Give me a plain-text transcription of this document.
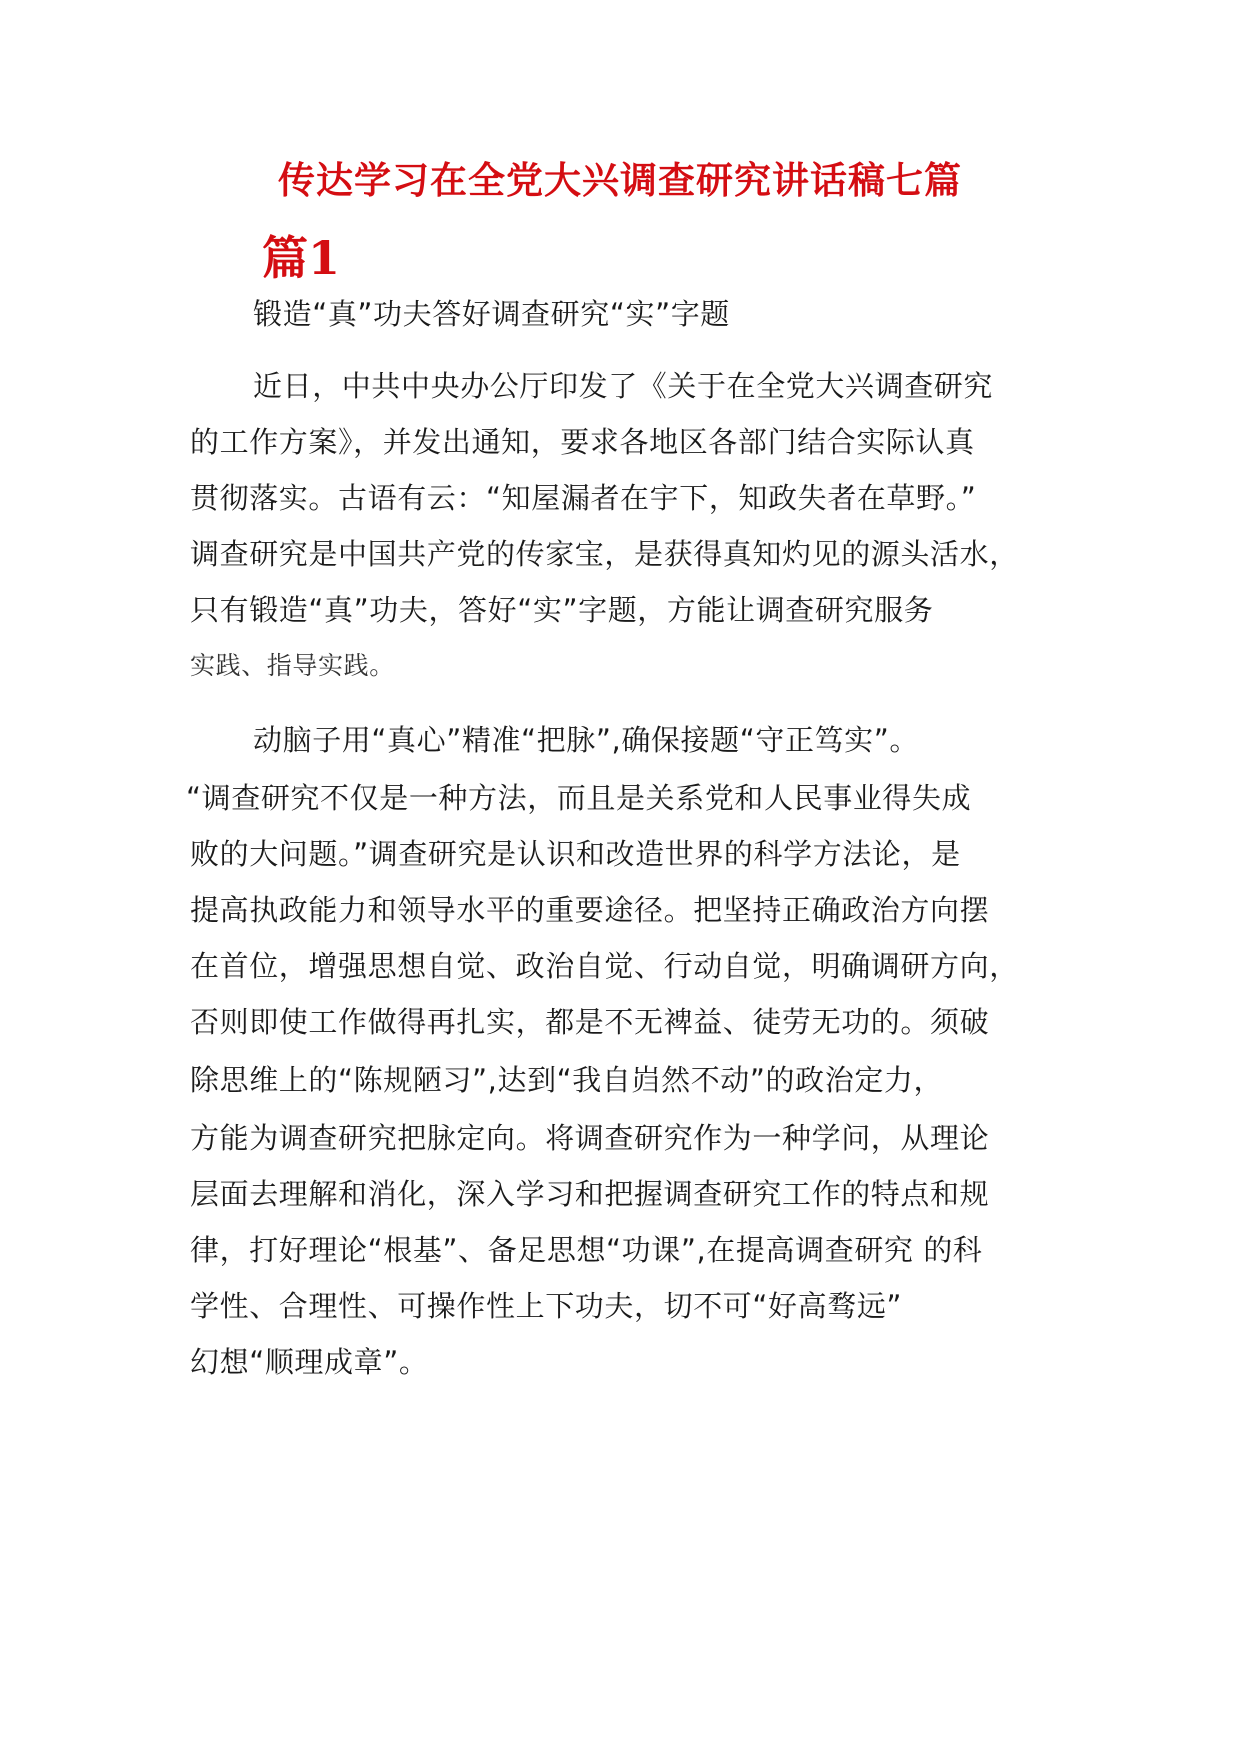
传达学习在全党大兴调查研究讲话稿七篇
篇1
锻造“真”功夫答好调查研究“实”字题
近日，中共中央办公厅印发了《关于在全党大兴调查研究
的工作方案》，并发出通知，要求各地区各部门结合实际认真
贯彻落实。古语有云：“知屋漏者在宇下，知政失者在草野。”
调查研究是中国共产党的传家宝，是获得真知灼见的源头活水，
只有锻造“真”功夫，答好“实”字题，方能让调查研究服务
实践、指导实践。
动脑子用“真心”精准“把脉”,确保接题“守正笃实”。
“调查研究不仅是一种方法，而且是关系党和人民事业得失成
败的大问题。”调查研究是认识和改造世界的科学方法论，是
提高执政能力和领导水平的重要途径。把坚持正确政治方向摆
在首位，增强思想自觉、政治自觉、行动自觉，明确调研方向，
否则即使工作做得再扎实，都是不无裨益、徒劳无功的。须破
除思维上的“陈规陋习”,达到“我自岿然不动”的政治定力，
方能为调查研究把脉定向。将调查研究作为一种学问，从理论
层面去理解和消化，深入学习和把握调查研究工作的特点和规
律，打好理论“根基”、备足思想“功课”,在提高调查研究 的科
学性、合理性、可操作性上下功夫，切不可“好高骛远”
幻想“顺理成章”。
